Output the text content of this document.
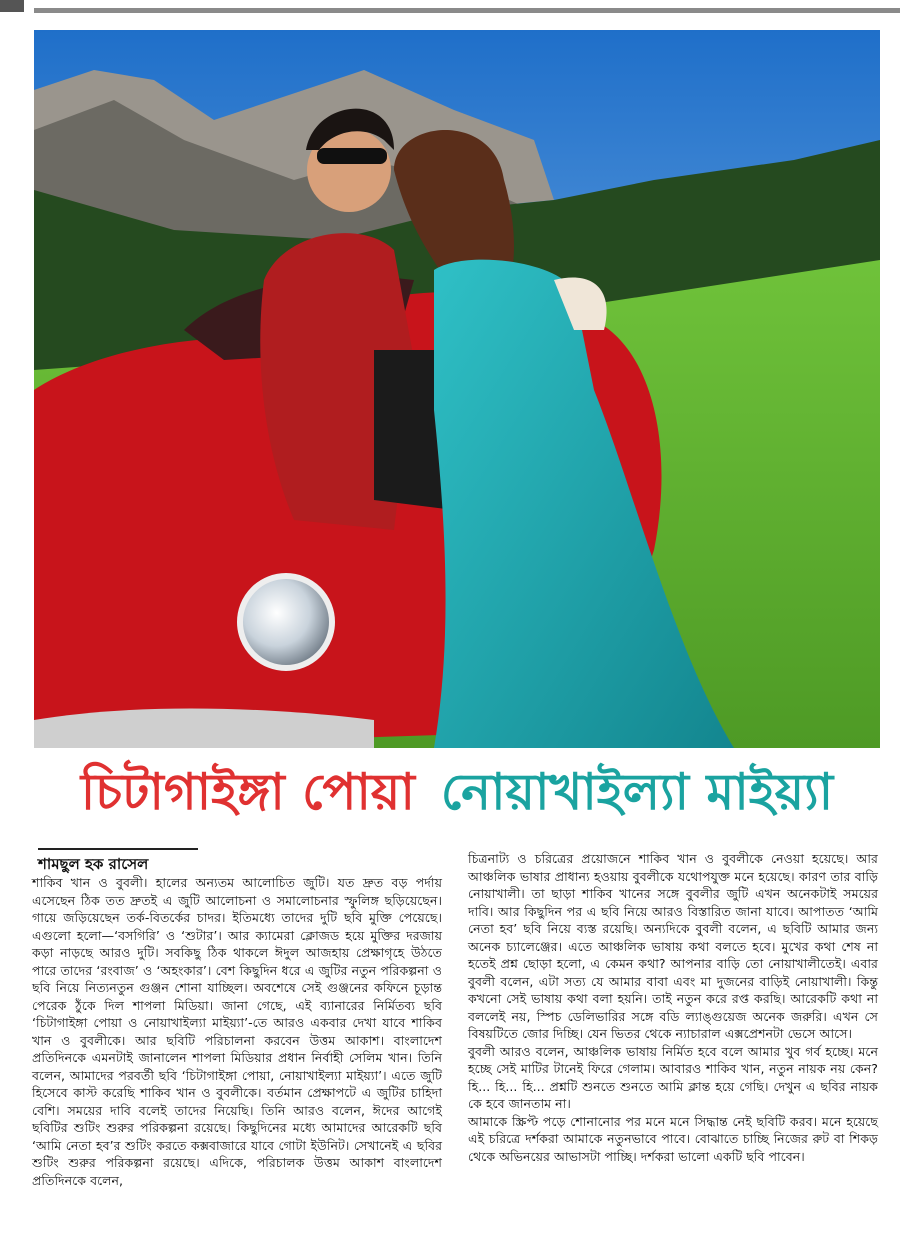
চিটাগাইঙ্গা পোয়া নোয়াখাইল্যা মাইয়্যা
শামছুল হক রাসেল

শাকিব খান ও বুবলী। হালের অন্যতম আলোচিত জুটি। যত দ্রুত বড় পর্দায় এসেছেন ঠিক তত দ্রুতই এ জুটি আলোচনা ও সমালোচনার স্ফুলিঙ্গ ছড়িয়েছেন। গায়ে জড়িয়েছেন তর্ক-বিতর্কের চাদর। ইতিমধ্যে তাদের দুটি ছবি মুক্তি পেয়েছে। এগুলো হলো—‘বসগিরি’ ও ‘শুটার’। আর ক্যামেরা ক্লোজড হয়ে মুক্তির দরজায় কড়া নাড়ছে আরও দুটি। সবকিছু ঠিক থাকলে ঈদুল আজহায় প্রেক্ষাগৃহে উঠতে পারে তাদের ‘রংবাজ’ ও ‘অহংকার’। বেশ কিছুদিন ধরে এ জুটির নতুন পরিকল্পনা ও ছবি নিয়ে নিত্যনতুন গুঞ্জন শোনা যাচ্ছিল। অবশেষে সেই গুঞ্জনের কফিনে চূড়ান্ত পেরেক ঠুঁকে দিল শাপলা মিডিয়া। জানা গেছে, এই ব্যানারের নির্মিতব্য ছবি ‘চিটাগাইঙ্গা পোয়া ও নোয়াখাইল্যা মাইয়্যা’-তে আরও একবার দেখা যাবে শাকিব খান ও বুবলীকে। আর ছবিটি পরিচালনা করবেন উত্তম আকাশ। বাংলাদেশ প্রতিদিনকে এমনটাই জানালেন শাপলা মিডিয়ার প্রধান নির্বাহী সেলিম খান। তিনি বলেন, আমাদের পরবর্তী ছবি ‘চিটাগাইঙ্গা পোয়া, নোয়াখাইল্যা মাইয়্যা’। এতে জুটি হিসেবে কাস্ট করেছি শাকিব খান ও বুবলীকে। বর্তমান প্রেক্ষাপটে এ জুটির চাহিদা বেশি। সময়ের দাবি বলেই তাদের নিয়েছি। তিনি আরও বলেন, ঈদের আগেই ছবিটির শুটিং শুরুর পরিকল্পনা রয়েছে। কিছুদিনের মধ্যে আমাদের আরেকটি ছবি ‘আমি নেতা হব’র শুটিং করতে কক্সবাজারে যাবে গোটা ইউনিট। সেখানেই এ ছবির শুটিং শুরুর পরিকল্পনা রয়েছে। এদিকে, পরিচালক উত্তম আকাশ বাংলাদেশ প্রতিদিনকে বলেন,

চিত্রনাট্য ও চরিত্রের প্রয়োজনে শাকিব খান ও বুবলীকে নেওয়া হয়েছে। আর আঞ্চলিক ভাষার প্রাধান্য হওয়ায় বুবলীকে যথোপযুক্ত মনে হয়েছে। কারণ তার বাড়ি নোয়াখালী। তা ছাড়া শাকিব খানের সঙ্গে বুবলীর জুটি এখন অনেকটাই সময়ের দাবি। আর কিছুদিন পর এ ছবি নিয়ে আরও বিস্তারিত জানা যাবে। আপাতত ‘আমি নেতা হব’ ছবি নিয়ে ব্যস্ত রয়েছি। অন্যদিকে বুবলী বলেন, এ ছবিটি আমার জন্য অনেক চ্যালেঞ্জের। এতে আঞ্চলিক ভাষায় কথা বলতে হবে। মুখের কথা শেষ না হতেই প্রশ্ন ছোড়া হলো, এ কেমন কথা? আপনার বাড়ি তো নোয়াখালীতেই। এবার বুবলী বলেন, এটা সত্য যে আমার বাবা এবং মা দুজনের বাড়িই নোয়াখালী। কিন্তু কখনো সেই ভাষায় কথা বলা হয়নি। তাই নতুন করে রপ্ত করছি। আরেকটি কথা না বললেই নয়, স্পিচ ডেলিভারির সঙ্গে বডি ল্যাঙ্গুয়েজ অনেক জরুরি। এখন সে বিষয়টিতে জোর দিচ্ছি। যেন ভিতর থেকে ন্যাচারাল এক্সপ্রেশনটা ভেসে আসে।

বুবলী আরও বলেন, আঞ্চলিক ভাষায় নির্মিত হবে বলে আমার খুব গর্ব হচ্ছে। মনে হচ্ছে সেই মাটির টানেই ফিরে গেলাম। আবারও শাকিব খান, নতুন নায়ক নয় কেন? হি... হি... হি... প্রশ্নটি শুনতে শুনতে আমি ক্লান্ত হয়ে গেছি। দেখুন এ ছবির নায়ক কে হবে জানতাম না।

আমাকে স্ক্রিপ্ট পড়ে শোনানোর পর মনে মনে সিদ্ধান্ত নেই ছবিটি করব। মনে হয়েছে এই চরিত্রে দর্শকরা আমাকে নতুনভাবে পাবে। বোঝাতে চাচ্ছি নিজের রুট বা শিকড় থেকে অভিনয়ের আভাসটা পাচ্ছি। দর্শকরা ভালো একটি ছবি পাবেন।
